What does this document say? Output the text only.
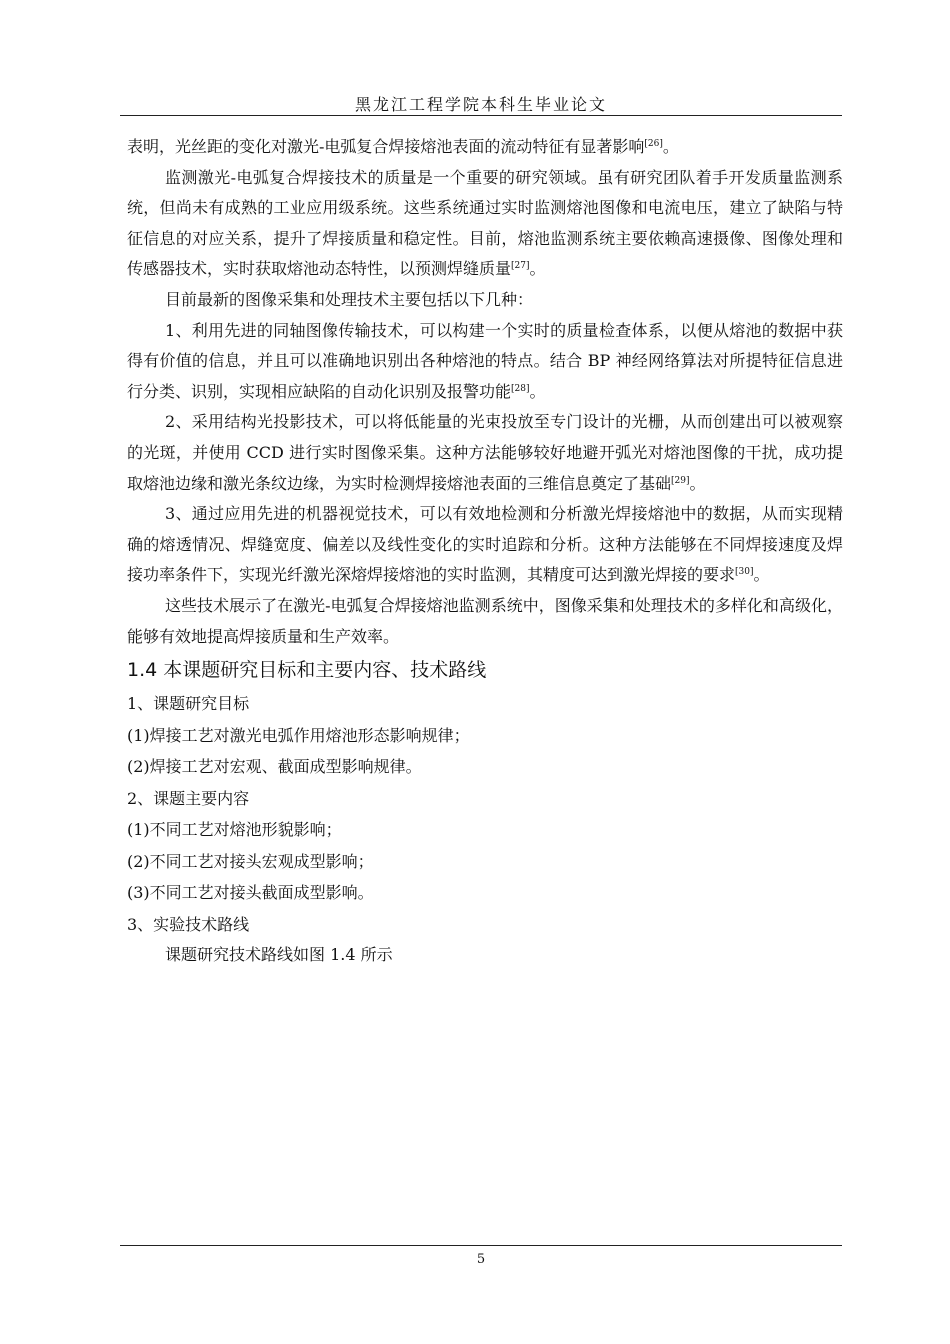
黑龙江工程学院本科生毕业论文

表明，光丝距的变化对激光-电弧复合焊接熔池表面的流动特征有显著影响[26]。

监测激光-电弧复合焊接技术的质量是一个重要的研究领域。虽有研究团队着手开发质量监测系统，但尚未有成熟的工业应用级系统。这些系统通过实时监测熔池图像和电流电压，建立了缺陷与特征信息的对应关系，提升了焊接质量和稳定性。目前，熔池监测系统主要依赖高速摄像、图像处理和传感器技术，实时获取熔池动态特性，以预测焊缝质量[27]。

目前最新的图像采集和处理技术主要包括以下几种：

1、利用先进的同轴图像传输技术，可以构建一个实时的质量检查体系，以便从熔池的数据中获得有价值的信息，并且可以准确地识别出各种熔池的特点。结合 BP 神经网络算法对所提特征信息进行分类、识别，实现相应缺陷的自动化识别及报警功能[28]。

2、采用结构光投影技术，可以将低能量的光束投放至专门设计的光栅，从而创建出可以被观察的光斑，并使用 CCD 进行实时图像采集。这种方法能够较好地避开弧光对熔池图像的干扰，成功提取熔池边缘和激光条纹边缘，为实时检测焊接熔池表面的三维信息奠定了基础[29]。

3、通过应用先进的机器视觉技术，可以有效地检测和分析激光焊接熔池中的数据，从而实现精确的熔透情况、焊缝宽度、偏差以及线性变化的实时追踪和分析。这种方法能够在不同焊接速度及焊接功率条件下，实现光纤激光深熔焊接熔池的实时监测，其精度可达到激光焊接的要求[30]。

这些技术展示了在激光-电弧复合焊接熔池监测系统中，图像采集和处理技术的多样化和高级化，能够有效地提高焊接质量和生产效率。

1.4 本课题研究目标和主要内容、技术路线

1、课题研究目标

(1)焊接工艺对激光电弧作用熔池形态影响规律；

(2)焊接工艺对宏观、截面成型影响规律。

2、课题主要内容

(1)不同工艺对熔池形貌影响；

(2)不同工艺对接头宏观成型影响；

(3)不同工艺对接头截面成型影响。

3、实验技术路线

课题研究技术路线如图 1.4 所示

5
